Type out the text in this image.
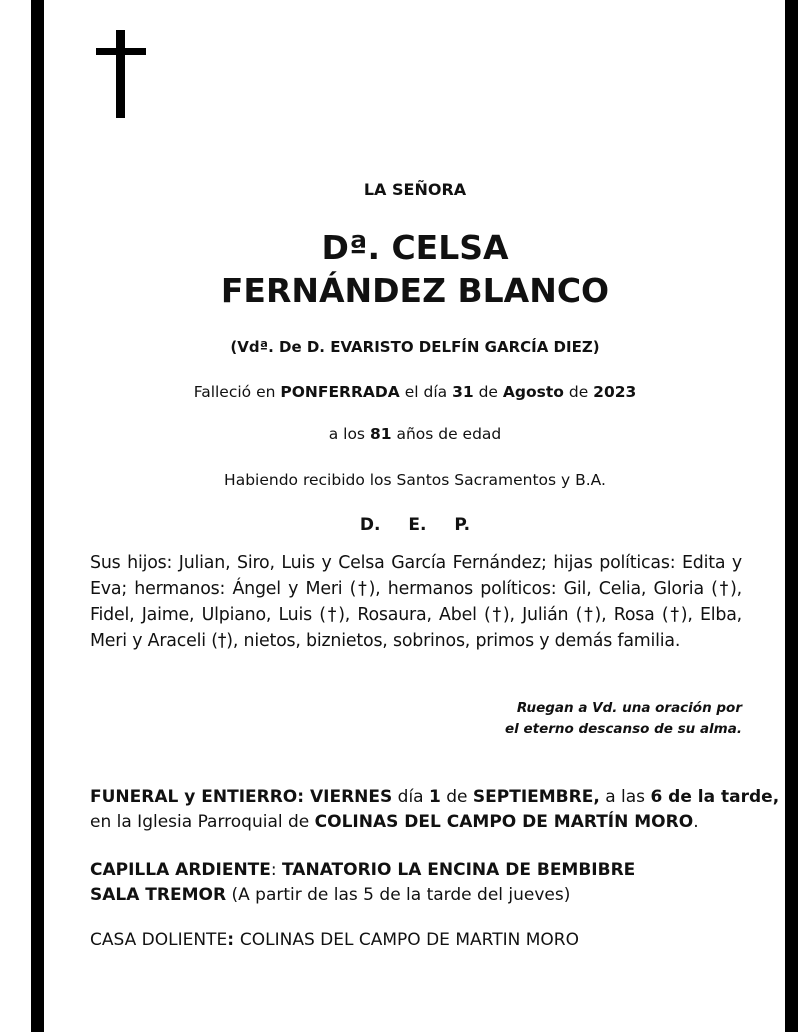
LA SEÑORA
Dª. CELSA
FERNÁNDEZ BLANCO
(Vdª. De D. EVARISTO DELFÍN GARCÍA DIEZ)
Falleció en PONFERRADA el día 31 de Agosto de 2023
a los 81 años de edad
Habiendo recibido los Santos Sacramentos y B.A.
D. E. P.
Sus hijos: Julian, Siro, Luis y Celsa García Fernández; hijas políticas: Edita y Eva; hermanos: Ángel y Meri (†), hermanos políticos: Gil, Celia, Gloria (†), Fidel, Jaime, Ulpiano, Luis (†), Rosaura, Abel (†), Julián (†), Rosa (†), Elba, Meri y Araceli (†), nietos, biznietos, sobrinos, primos y demás familia.
Ruegan a Vd. una oración por
el eterno descanso de su alma.
FUNERAL y ENTIERRO: VIERNES día 1 de SEPTIEMBRE, a las 6 de la tarde,
en la Iglesia Parroquial de COLINAS DEL CAMPO DE MARTÍN MORO.
CAPILLA ARDIENTE: TANATORIO LA ENCINA DE BEMBIBRE
SALA TREMOR (A partir de las 5 de la tarde del jueves)
CASA DOLIENTE: COLINAS DEL CAMPO DE MARTIN MORO
